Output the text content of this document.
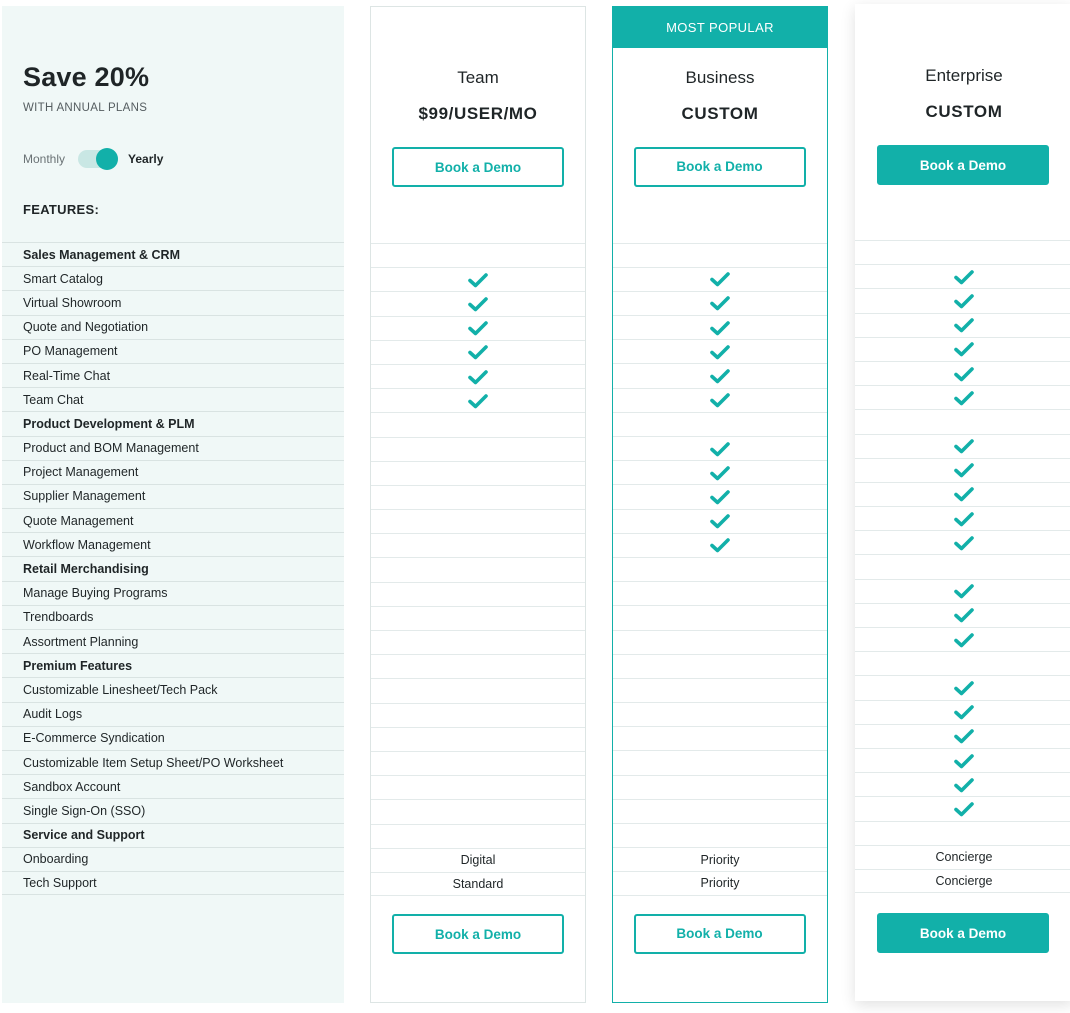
Save 20%
WITH ANNUAL PLANS
Monthly	Yearly
FEATURES:
Sales Management & CRM
Smart Catalog
Virtual Showroom
Quote and Negotiation
PO Management
Real-Time Chat
Team Chat
Product Development & PLM
Product and BOM Management
Project Management
Supplier Management
Quote Management
Workflow Management
Retail Merchandising
Manage Buying Programs
Trendboards
Assortment Planning
Premium Features
Customizable Linesheet/Tech Pack
Audit Logs
E-Commerce Syndication
Customizable Item Setup Sheet/PO Worksheet
Sandbox Account
Single Sign-On (SSO)
Service and Support
Onboarding
Tech Support
Team
$99/USER/MO
Book a Demo
Digital
Standard
Book a Demo
MOST POPULAR
Business
CUSTOM
Book a Demo
Priority
Priority
Book a Demo
Enterprise
CUSTOM
Book a Demo
Concierge
Concierge
Book a Demo
